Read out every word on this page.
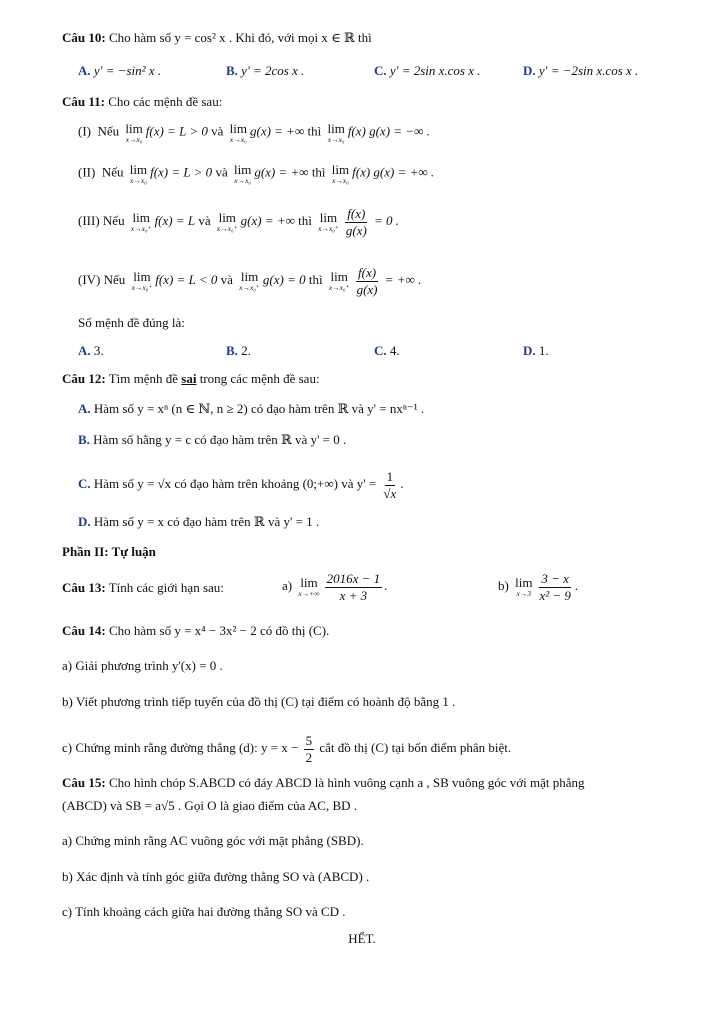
Câu 10: Cho hàm số y = cos² x . Khi đó, với mọi x ∈ ℝ thì
A. y' = −sin² x .	B. y' = 2cos x .	C. y' = 2sin x.cos x .	D. y' = −2sin x.cos x .
Câu 11: Cho các mệnh đề sau:
(I) Nếu lim
x→x₀
f(x) = L > 0 và lim
x→x₀
g(x) = +∞ thì lim
x→x₀
f(x) g(x) = −∞ .
(II) Nếu lim
x→x₀
f(x) = L > 0 và lim
x→x₀
g(x) = +∞ thì lim
x→x₀
f(x) g(x) = +∞ .
(III) Nếu lim
x→x₀⁺
f(x) = L và lim
x→x₀⁺
g(x) = +∞ thì lim
$x\to x_0^+ \frac{f(x)}{g(x)} = 0$ .
(IV) Nếu lim
x→x₀⁺
f(x) = L < 0 và lim
x→x₀⁺
g(x) = 0 thì lim
$x\to x_0^+ \frac{f(x)}{g(x)}$ = +∞ .
Số mệnh đề đúng là:
A. 3.	B. 2.	C. 4.	D. 1.
Câu 12: Tìm mệnh đề sai trong các mệnh đề sau:
A. Hàm số y = xⁿ (n ∈ ℕ, n ≥ 2) có đạo hàm trên ℝ và y' = nxⁿ⁻¹ .
B. Hàm số hằng y = c có đạo hàm trên ℝ và y' = 0 .
C. Hàm số y = √x có đạo hàm trên khoảng (0;+∞) và $y' = \frac{1}{√x}$ .
D. Hàm số y = x có đạo hàm trên ℝ và y' = 1 .
Phần II: Tự luận
Câu 13: Tính các giới hạn sau:	a) lim
$x\to+\infty \frac{2016x - 1}{x + 3}$ .	b) lim
$x\to 3 \frac{3 - x}{\text{x² − 9}}$ .
Câu 14: Cho hàm số y = x⁴ − 3x² − 2 có đồ thị (C).
a) Giải phương trình y'(x) = 0 .
b) Viết phương trình tiếp tuyến của đồ thị (C) tại điểm có hoành độ bằng 1 .
c) Chứng minh rằng đường thẳng (d): $y = x - \frac{5}{2}$ cắt đồ thị (C) tại bốn điểm phân biệt.
Câu 15: Cho hình chóp S.ABCD có đáy ABCD là hình vuông cạnh a , SB vuông góc với mặt phẳng
(ABCD) và SB = a√5 . Gọi O là giao điểm của AC, BD .
a) Chứng minh rằng AC vuông góc với mặt phẳng (SBD).
b) Xác định và tính góc giữa đường thẳng SO và (ABCD) .
c) Tính khoảng cách giữa hai đường thẳng SO và CD .
HẾT.
